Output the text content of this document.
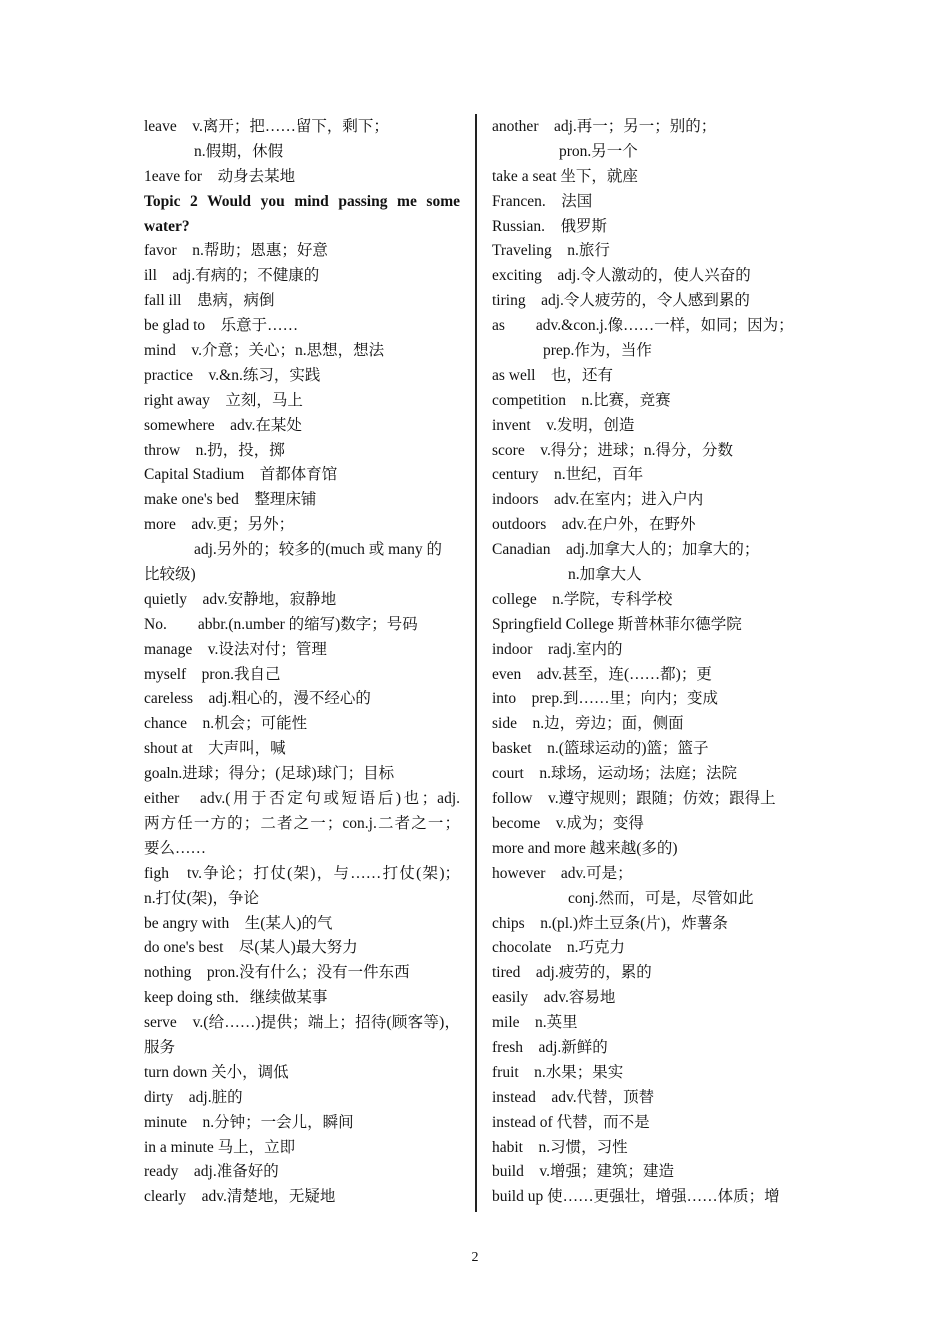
leave　v.离开；把……留下，剩下；
n.假期，休假
1eave for　动身去某地
Topic 2 Would you mind passing me some
water?
favor　n.帮助；恩惠；好意
ill　adj.有病的；不健康的
fall ill　患病，病倒
be glad to　乐意于……
mind　v.介意；关心；n.思想，想法
practice　v.&n.练习，实践
right away　立刻，马上
somewhere　adv.在某处
throw　n.扔，投，掷
Capital Stadium　首都体育馆
make one's bed　整理床铺
more　adv.更；另外；
adj.另外的；较多的(much 或 many 的
比较级)
quietly　adv.安静地，寂静地
No.　　abbr.(n.umber 的缩写)数字；号码
manage　v.设法对付；管理
myself　pron.我自己
careless　adj.粗心的，漫不经心的
chance　n.机会；可能性
shout at　大声叫，喊
goaln.进球；得分；(足球)球门；目标
either　adv.(用于否定句或短语后)也；adj.
两方任一方的；二者之一；con.j.二者之一；
要么……
figh　tv.争论；打仗(架)，与……打仗(架)；
n.打仗(架)，争论
be angry with　生(某人)的气
do one's best　尽(某人)最大努力
nothing　pron.没有什么；没有一件东西
keep doing sth．继续做某事
serve　v.(给……)提供；端上；招待(顾客等)，
服务
turn down 关小，调低
dirty　adj.脏的
minute　n.分钟；一会儿，瞬间
in a minute 马上，立即
ready　adj.准备好的
clearly　adv.清楚地，无疑地
another　adj.再一；另一；别的；
pron.另一个
take a seat 坐下，就座
Francen.　法国
Russian.　俄罗斯
Traveling　n.旅行
exciting　adj.令人激动的，使人兴奋的
tiring　adj.令人疲劳的，令人感到累的
as　　adv.&con.j.像……一样，如同；因为；
prep.作为，当作
as well　也，还有
competition　n.比赛，竞赛
invent　v.发明，创造
score　v.得分；进球；n.得分，分数
century　n.世纪，百年
indoors　adv.在室内；进入户内
outdoors　adv.在户外，在野外
Canadian　adj.加拿大人的；加拿大的；
n.加拿大人
college　n.学院，专科学校
Springfield College 斯普林菲尔德学院
indoor　radj.室内的
even　adv.甚至，连(……都)；更
into　prep.到……里；向内；变成
side　n.边，旁边；面，侧面
basket　n.(篮球运动的)篮；篮子
court　n.球场，运动场；法庭；法院
follow　v.遵守规则；跟随；仿效；跟得上
become　v.成为；变得
more and more 越来越(多的)
however　adv.可是；
conj.然而，可是，尽管如此
chips　n.(pl.)炸土豆条(片)，炸薯条
chocolate　n.巧克力
tired　adj.疲劳的，累的
easily　adv.容易地
mile　n.英里
fresh　adj.新鲜的
fruit　n.水果；果实
instead　adv.代替，顶替
instead of 代替，而不是
habit　n.习惯，习性
build　v.增强；建筑；建造
build up 使……更强壮，增强……体质；增
2
